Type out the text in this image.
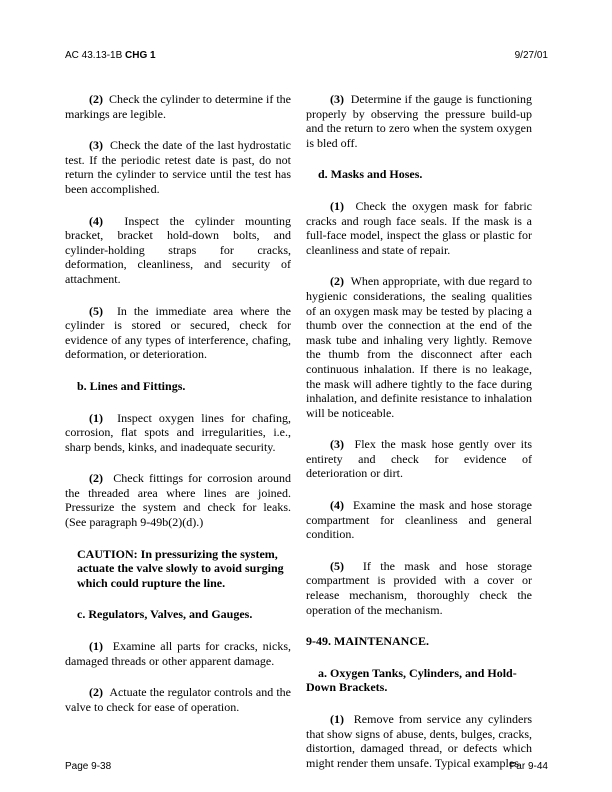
AC 43.13-1B CHG 1	9/27/01

(2) Check the cylinder to determine if the markings are legible.

(3) Check the date of the last hydrostatic test. If the periodic retest date is past, do not return the cylinder to service until the test has been accomplished.

(4) Inspect the cylinder mounting bracket, bracket hold-down bolts, and cylinder-holding straps for cracks, deformation, cleanliness, and security of attachment.

(5) In the immediate area where the cylinder is stored or secured, check for evidence of any types of interference, chafing, deformation, or deterioration.

b. Lines and Fittings.

(1) Inspect oxygen lines for chafing, corrosion, flat spots and irregularities, i.e., sharp bends, kinks, and inadequate security.

(2) Check fittings for corrosion around the threaded area where lines are joined. Pressurize the system and check for leaks. (See paragraph 9-49b(2)(d).)

CAUTION: In pressurizing the system, actuate the valve slowly to avoid surging which could rupture the line.
c. Regulators, Valves, and Gauges.

(1) Examine all parts for cracks, nicks, damaged threads or other apparent damage.

(2) Actuate the regulator controls and the valve to check for ease of operation.

(3) Determine if the gauge is functioning properly by observing the pressure build-up and the return to zero when the system oxygen is bled off.

d. Masks and Hoses.

(1) Check the oxygen mask for fabric cracks and rough face seals. If the mask is a full-face model, inspect the glass or plastic for cleanliness and state of repair.

(2) When appropriate, with due regard to hygienic considerations, the sealing qualities of an oxygen mask may be tested by placing a thumb over the connection at the end of the mask tube and inhaling very lightly. Remove the thumb from the disconnect after each continuous inhalation. If there is no leakage, the mask will adhere tightly to the face during inhalation, and definite resistance to inhalation will be noticeable.

(3) Flex the mask hose gently over its entirety and check for evidence of deterioration or dirt.

(4) Examine the mask and hose storage compartment for cleanliness and general condition.

(5) If the mask and hose storage compartment is provided with a cover or release mechanism, thoroughly check the operation of the mechanism.

9-49. MAINTENANCE.
a. Oxygen Tanks, Cylinders, and Hold-Down Brackets.

(1) Remove from service any cylinders that show signs of abuse, dents, bulges, cracks, distortion, damaged thread, or defects which might render them unsafe. Typical examples

Page 9-38	Par 9-44
